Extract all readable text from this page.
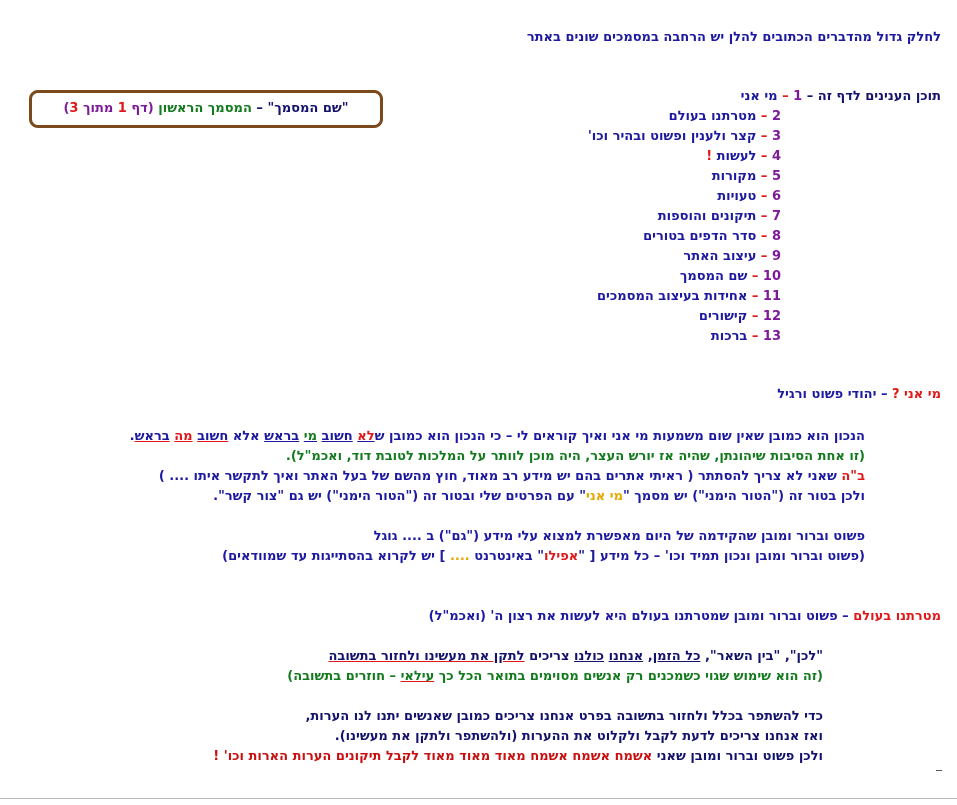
לחלק גדול מהדברים הכתובים להלן יש הרחבה במסמכים שונים באתר
"שם המסמך" – המסמך הראשון (דף 1 מתוך 3)
תוכן הענינים לדף זה – 1 – מי אני
2 – מטרתנו בעולם
3 – קצר ולענין ופשוט ובהיר וכו'
4 – לעשות !
5 – מקורות
6 – טעויות
7 – תיקונים והוספות
8 – סדר הדפים בטורים
9 – עיצוב האתר
10 – שם המסמך
11 – אחידות בעיצוב המסמכים
12 – קישורים
13 – ברכות
מי אני ? – יהודי פשוט ורגיל
הנכון הוא כמובן שאין שום משמעות מי אני ואיך קוראים לי – כי הנכון הוא כמובן שלא חשוב מי בראש אלא חשוב מה בראש.
(זו אחת הסיבות שיהונתן, שהיה אז יורש העצר, היה מוכן לוותר על המלכות לטובת דוד, ואכמ"ל).
ב"ה שאני לא צריך להסתתר ( ראיתי אתרים בהם יש מידע רב מאוד, חוץ מהשם של בעל האתר ואיך לתקשר איתו .... )
ולכן בטור זה ("הטור הימני") יש מסמך "מי אני" עם הפרטים שלי ובטור זה ("הטור הימני") יש גם "צור קשר".
פשוט וברור ומובן שהקידמה של היום מאפשרת למצוא עלי מידע ("גם") ב .... גוגל
(פשוט וברור ומובן ונכון תמיד וכו' – כל מידע [ "אפילו" באינטרנט .... ] יש לקרוא בהסתייגות עד שמוודאים)
מטרתנו בעולם – פשוט וברור ומובן שמטרתנו בעולם היא לעשות את רצון ה' (ואכמ"ל)
"לכן", "בין השאר", כל הזמן, אנחנו כולנו צריכים לתקן את מעשינו ולחזור בתשובה
(זה הוא שימוש שגוי כשמכנים רק אנשים מסוימים בתואר הכל כך עילאי – חוזרים בתשובה)
כדי להשתפר בכלל ולחזור בתשובה בפרט אנחנו צריכים כמובן שאנשים יתנו לנו הערות,
ואז אנחנו צריכים לדעת לקבל ולקלוט את ההערות (ולהשתפר ולתקן את מעשינו).
ולכן פשוט וברור ומובן שאני אשמח אשמח אשמח מאוד מאוד מאוד לקבל תיקונים הערות הארות וכו' !
